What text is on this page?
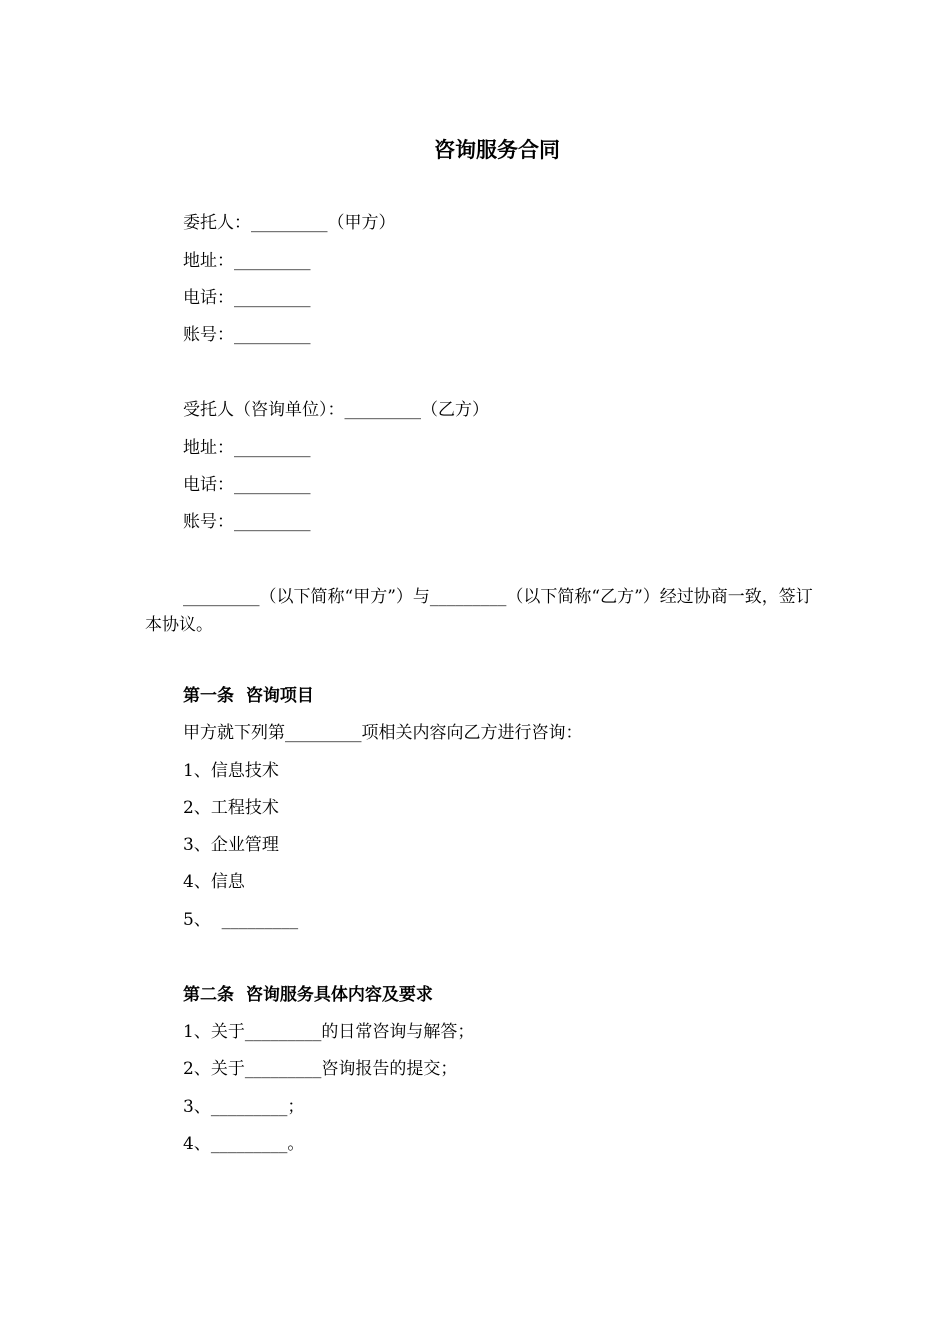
咨询服务合同
委托人：_________（甲方）
地址：_________
电话：_________
账号：_________
受托人（咨询单位）：_________（乙方）
地址：_________
电话：_________
账号：_________
_________（以下简称“甲方”）与_________（以下简称“乙方”）经过协商一致，签订本协议。
第一条  咨询项目
甲方就下列第_________项相关内容向乙方进行咨询：
1、信息技术
2、工程技术
3、企业管理
4、信息
5、  _________
第二条  咨询服务具体内容及要求
1、关于_________的日常咨询与解答；
2、关于_________咨询报告的提交；
3、_________；
4、_________。
